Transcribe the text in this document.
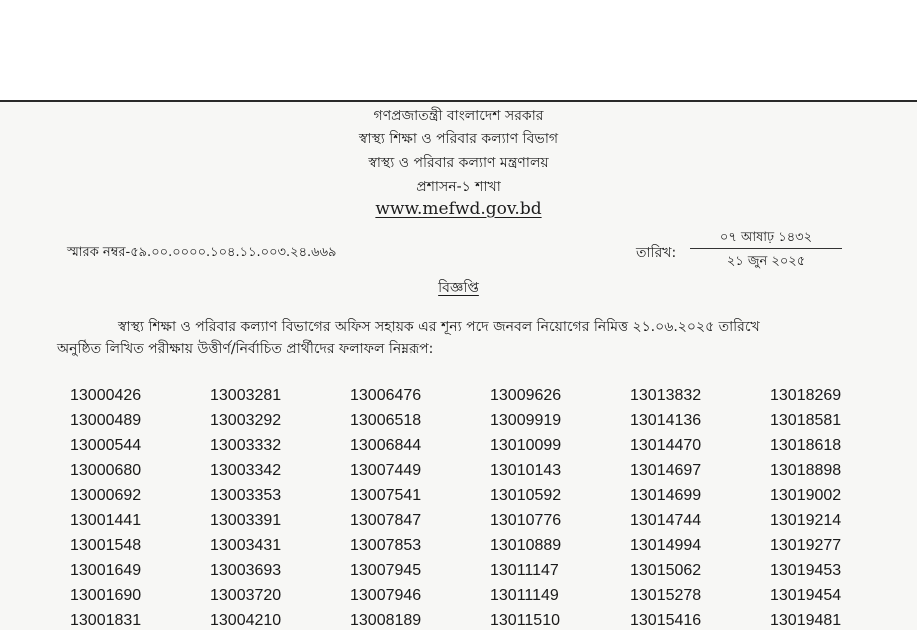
গণপ্রজাতন্ত্রী বাংলাদেশ সরকার
স্বাস্থ্য শিক্ষা ও পরিবার কল্যাণ বিভাগ
স্বাস্থ্য ও পরিবার কল্যাণ মন্ত্রণালয়
প্রশাসন-১ শাখা
www.mefwd.gov.bd
স্মারক নম্বর-৫৯.০০.০০০০.১০৪.১১.০০৩.২৪.৬৬৯	তারিখ:
০৭ আষাঢ় ১৪৩২
২১ জুন ২০২৫
বিজ্ঞপ্তি
স্বাস্থ্য শিক্ষা ও পরিবার কল্যাণ বিভাগের অফিস সহায়ক এর শূন্য পদে জনবল নিয়োগের নিমিত্ত ২১.০৬.২০২৫ তারিখে
অনুষ্ঠিত লিখিত পরীক্ষায় উত্তীর্ণ/নির্বাচিত প্রার্থীদের ফলাফল নিম্নরূপ:
13000426	13003281	13006476	13009626	13013832	13018269
13000489	13003292	13006518	13009919	13014136	13018581
13000544	13003332	13006844	13010099	13014470	13018618
13000680	13003342	13007449	13010143	13014697	13018898
13000692	13003353	13007541	13010592	13014699	13019002
13001441	13003391	13007847	13010776	13014744	13019214
13001548	13003431	13007853	13010889	13014994	13019277
13001649	13003693	13007945	13011147	13015062	13019453
13001690	13003720	13007946	13011149	13015278	13019454
13001831	13004210	13008189	13011510	13015416	13019481
